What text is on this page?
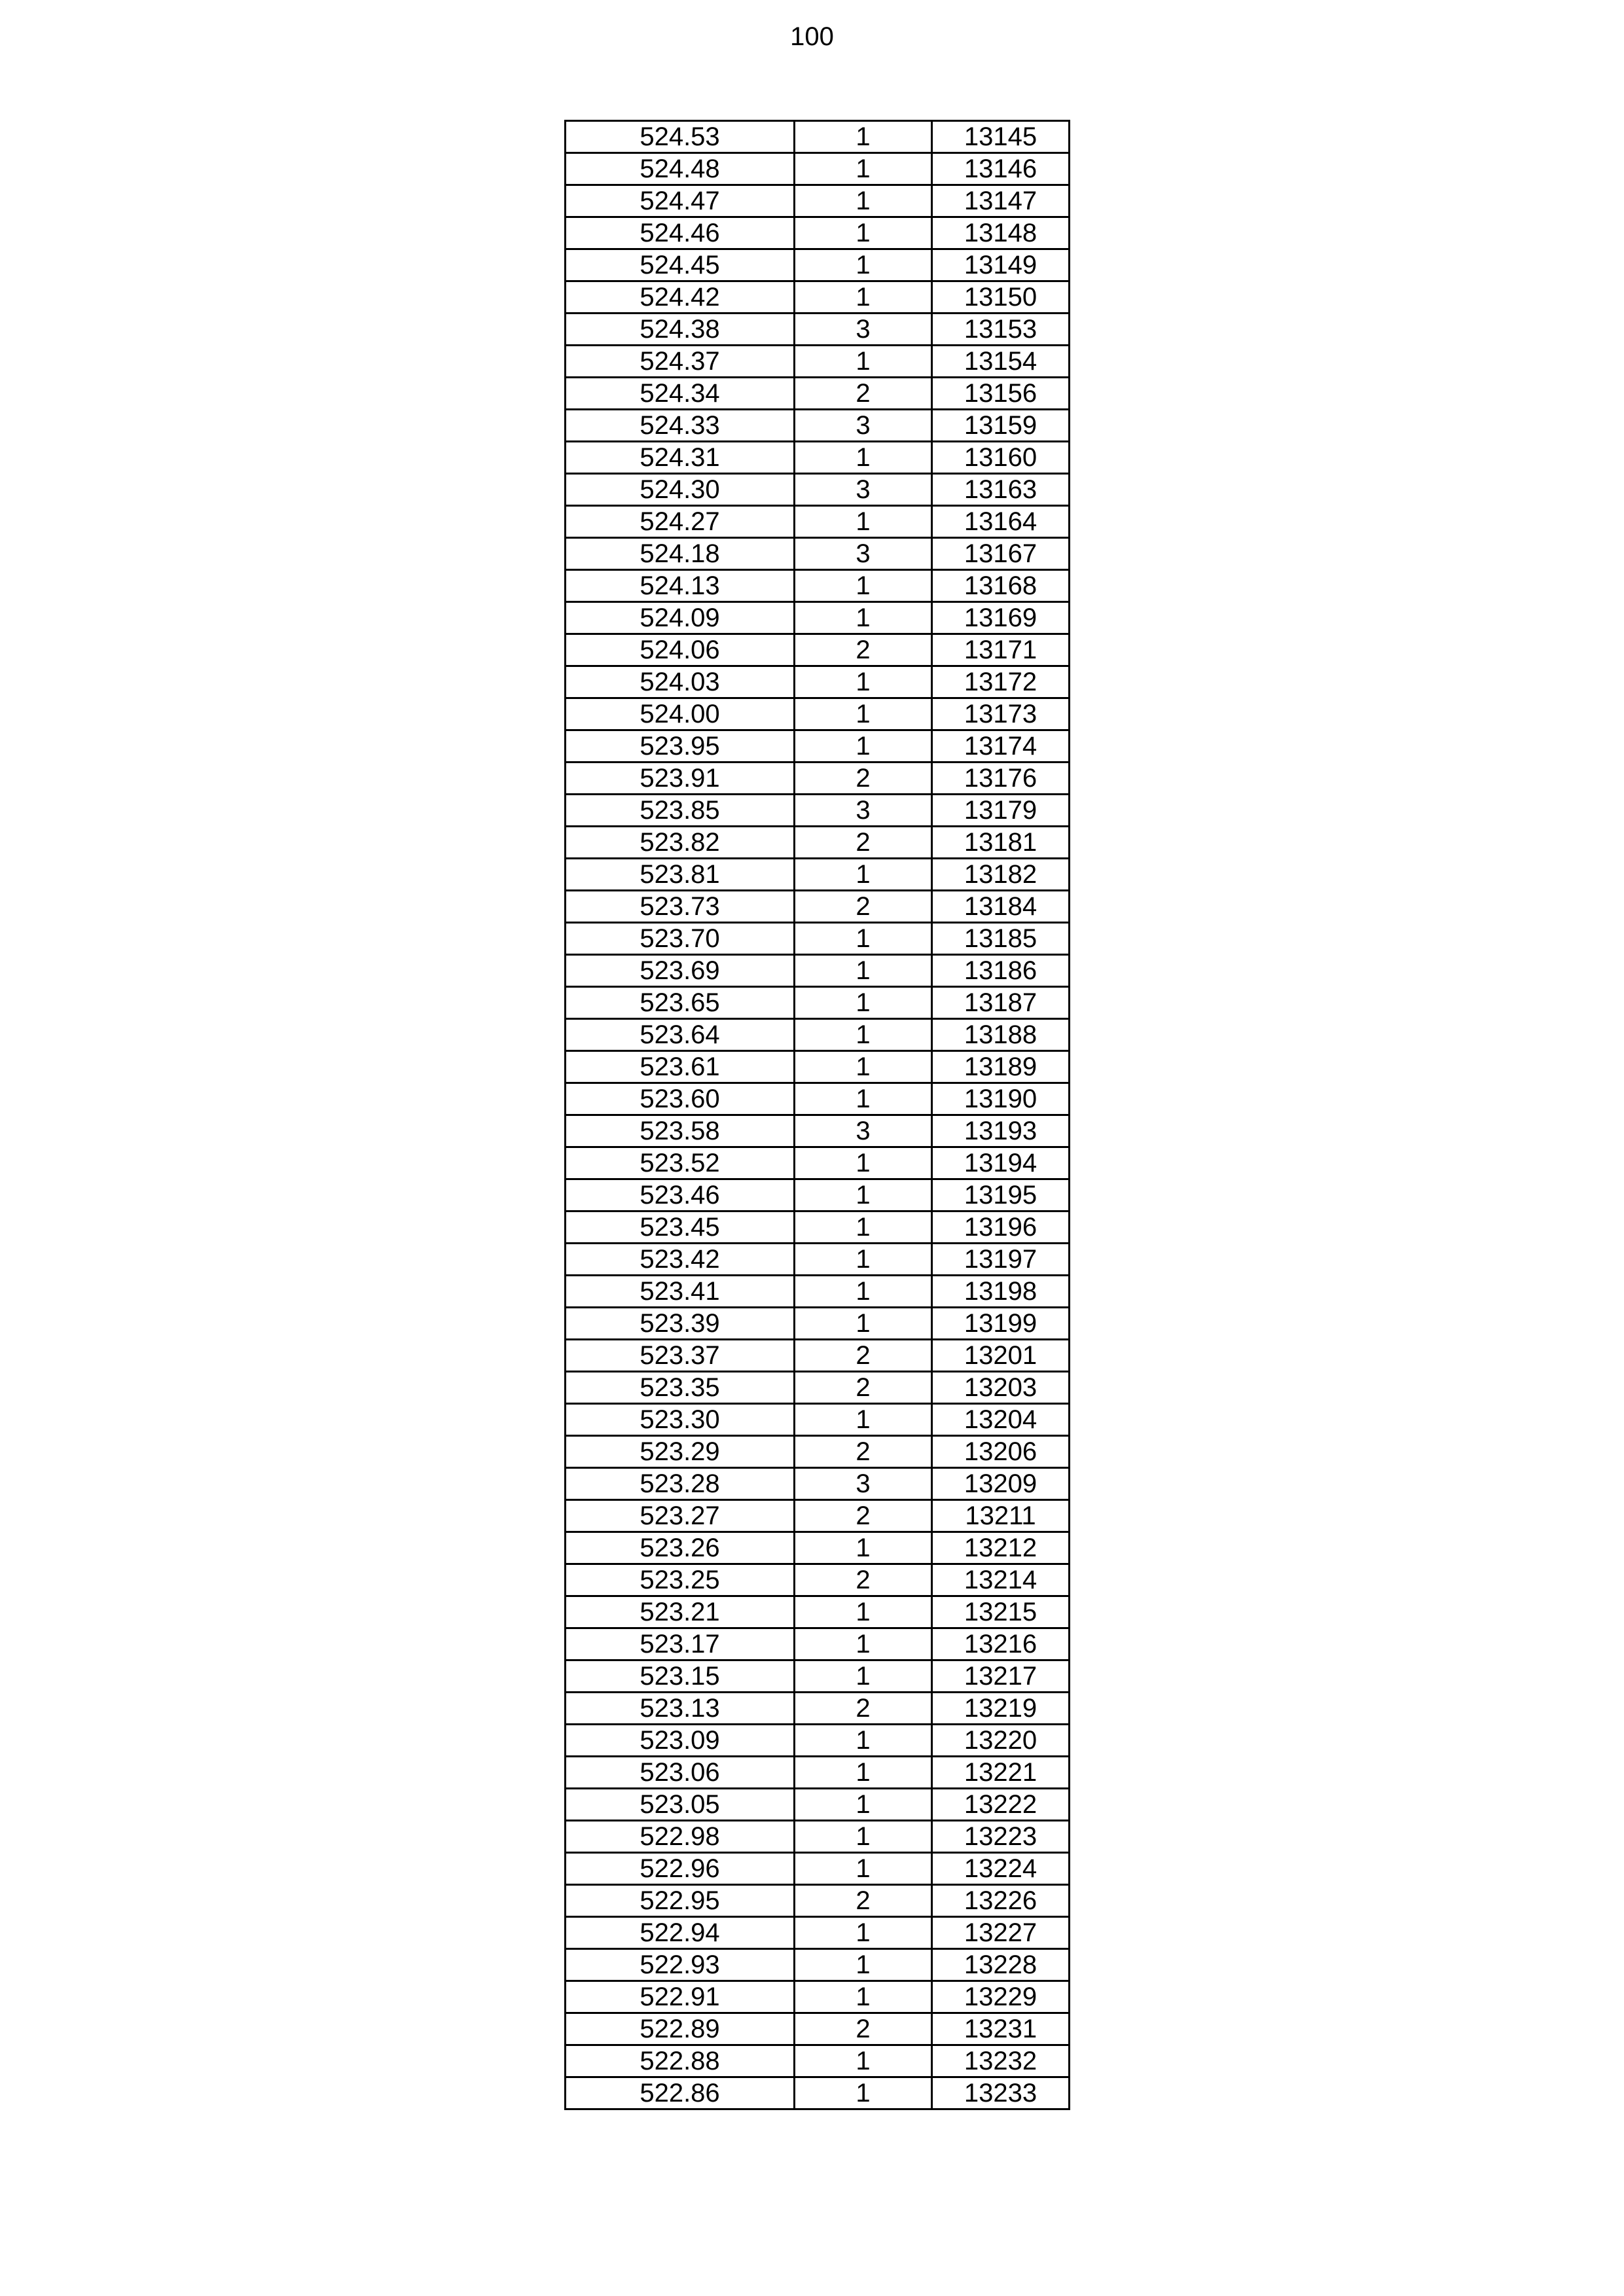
100
524.53	1	13145
524.48	1	13146
524.47	1	13147
524.46	1	13148
524.45	1	13149
524.42	1	13150
524.38	3	13153
524.37	1	13154
524.34	2	13156
524.33	3	13159
524.31	1	13160
524.30	3	13163
524.27	1	13164
524.18	3	13167
524.13	1	13168
524.09	1	13169
524.06	2	13171
524.03	1	13172
524.00	1	13173
523.95	1	13174
523.91	2	13176
523.85	3	13179
523.82	2	13181
523.81	1	13182
523.73	2	13184
523.70	1	13185
523.69	1	13186
523.65	1	13187
523.64	1	13188
523.61	1	13189
523.60	1	13190
523.58	3	13193
523.52	1	13194
523.46	1	13195
523.45	1	13196
523.42	1	13197
523.41	1	13198
523.39	1	13199
523.37	2	13201
523.35	2	13203
523.30	1	13204
523.29	2	13206
523.28	3	13209
523.27	2	13211
523.26	1	13212
523.25	2	13214
523.21	1	13215
523.17	1	13216
523.15	1	13217
523.13	2	13219
523.09	1	13220
523.06	1	13221
523.05	1	13222
522.98	1	13223
522.96	1	13224
522.95	2	13226
522.94	1	13227
522.93	1	13228
522.91	1	13229
522.89	2	13231
522.88	1	13232
522.86	1	13233
